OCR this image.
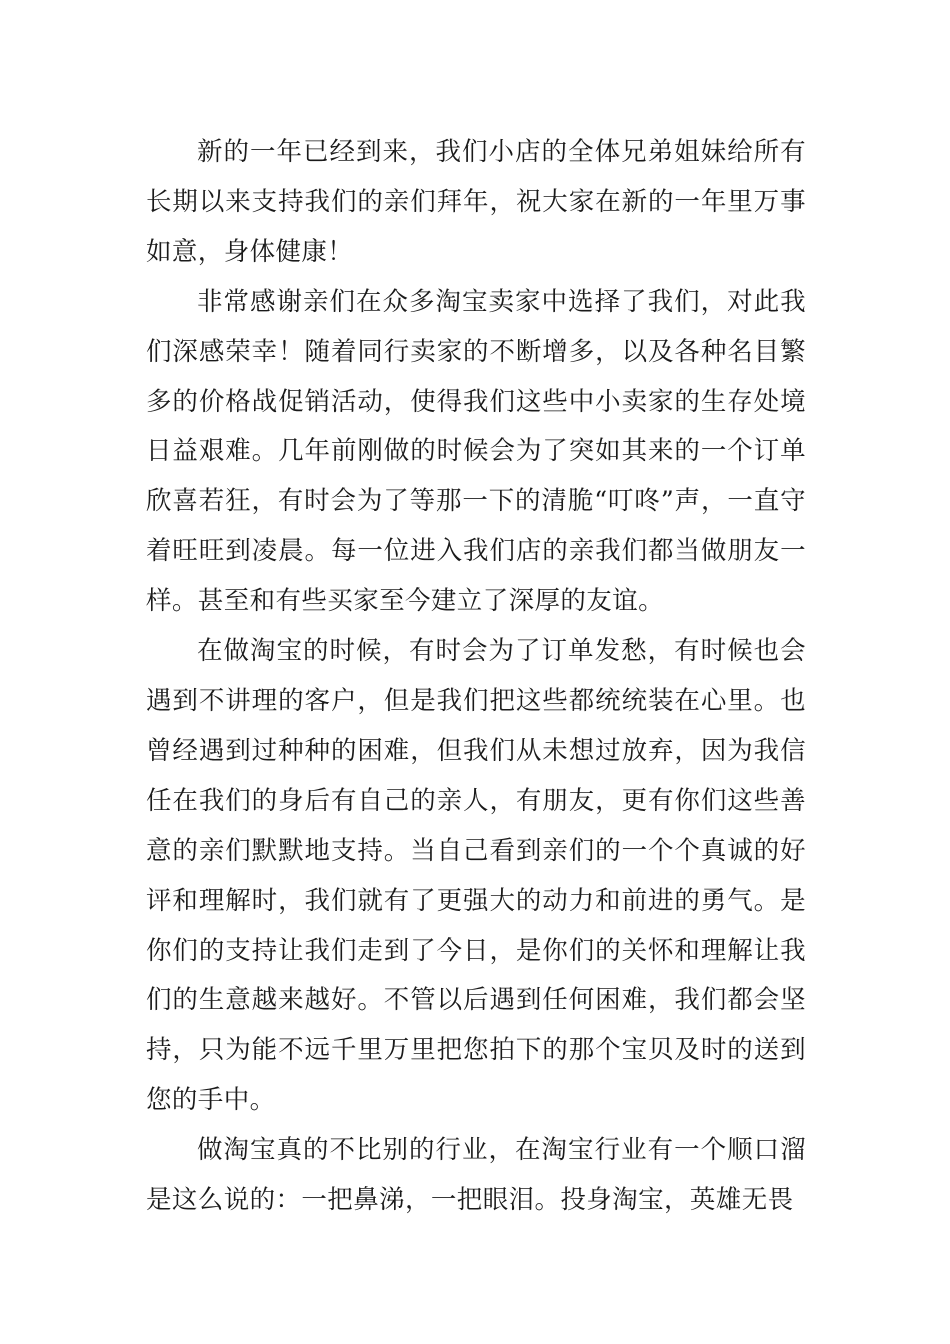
新的一年已经到来，我们小店的全体兄弟姐妹给所有长期以来支持我们的亲们拜年，祝大家在新的一年里万事如意，身体健康！

非常感谢亲们在众多淘宝卖家中选择了我们，对此我们深感荣幸！随着同行卖家的不断增多，以及各种名目繁多的价格战促销活动，使得我们这些中小卖家的生存处境日益艰难。几年前刚做的时候会为了突如其来的一个订单欣喜若狂，有时会为了等那一下的清脆“叮咚”声，一直守着旺旺到凌晨。每一位进入我们店的亲我们都当做朋友一样。甚至和有些买家至今建立了深厚的友谊。

在做淘宝的时候，有时会为了订单发愁，有时候也会遇到不讲理的客户，但是我们把这些都统统装在心里。也曾经遇到过种种的困难，但我们从未想过放弃，因为我信任在我们的身后有自己的亲人，有朋友，更有你们这些善意的亲们默默地支持。当自己看到亲们的一个个真诚的好评和理解时，我们就有了更强大的动力和前进的勇气。是你们的支持让我们走到了今日，是你们的关怀和理解让我们的生意越来越好。不管以后遇到任何困难，我们都会坚持，只为能不远千里万里把您拍下的那个宝贝及时的送到您的手中。

做淘宝真的不比别的行业，在淘宝行业有一个顺口溜是这么说的：一把鼻涕，一把眼泪。投身淘宝，英雄无畏
